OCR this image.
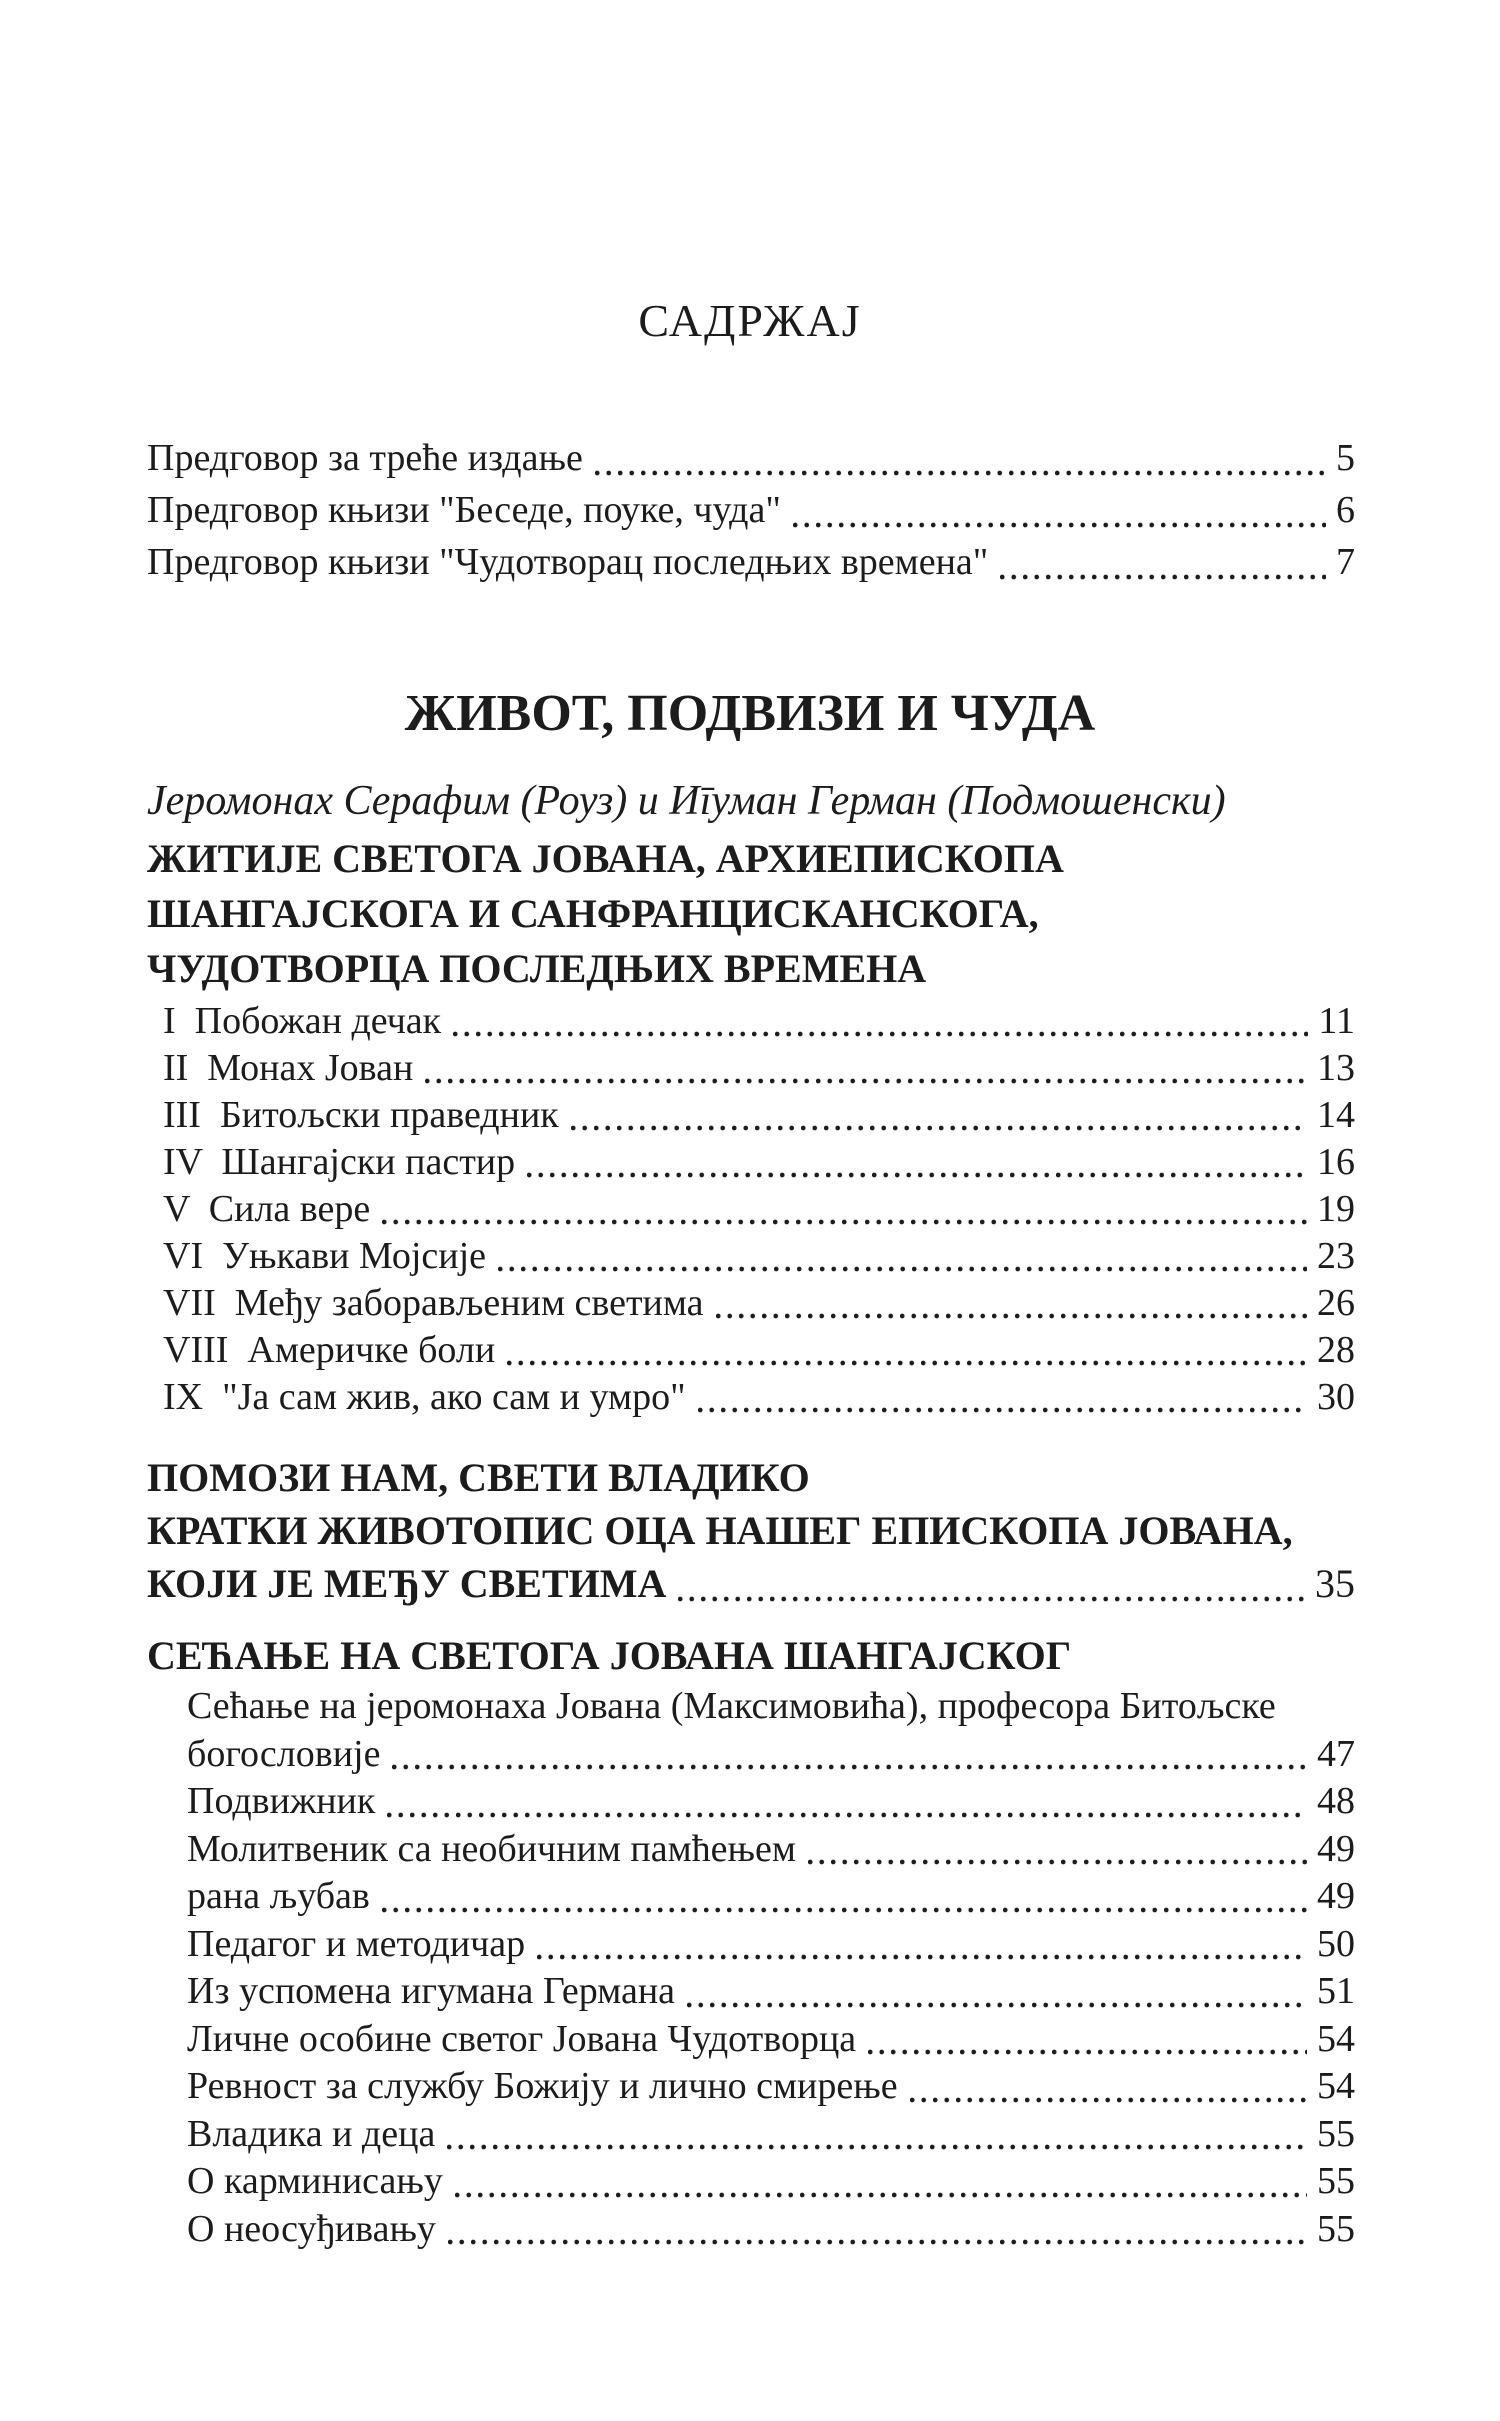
САДРЖАЈ
Предговор за треће издање	5
Предговор књизи "Беседе, поуке, чуда"	6
Предговор књизи "Чудотворац последњих времена"	7
ЖИВОТ, ПОДВИЗИ И ЧУДА
Јеромонах Серафим (Роуз) и Иīуман Герман (Подмошенски)
ЖИТИЈЕ СВЕТОГА ЈОВАНА, АРХИЕПИСКОПА
ШАНГАЈСКОГА И САНФРАНЦИСКАНСКОГА,
ЧУДОТВОРЦА ПОСЛЕДЊИХ ВРЕМЕНА
I  Побожан дечак	11
II  Монах Јован	13
III  Битољски праведник	14
IV  Шангајски пастир	16
V  Сила вере	19
VI  Уњкави Мојсије	23
VII  Међу заборављеним светима	26
VIII  Америчке боли	28
IX  "Ја сам жив, ако сам и умро"	30
ПОМОЗИ НАМ, СВЕТИ ВЛАДИКО
КРАТКИ ЖИВОТОПИС ОЦА НАШЕГ ЕПИСКОПА ЈОВАНА,
КОЈИ ЈЕ МЕЂУ СВЕТИМА	35
СЕЋАЊЕ НА СВЕТОГА ЈОВАНА ШАНГАЈСКОГ
Сећање на јеромонаха Јована (Максимовића), професора Битољске
богословије	47
Подвижник	48
Молитвеник са необичним памћењем	49
рана љубав	49
Педагог и методичар	50
Из успомена игумана Германа	51
Личне особине светог Јована Чудотворца	54
Ревност за службу Божију и лично смирење	54
Владика и деца	55
О карминисању	55
О неосуђивању	55
